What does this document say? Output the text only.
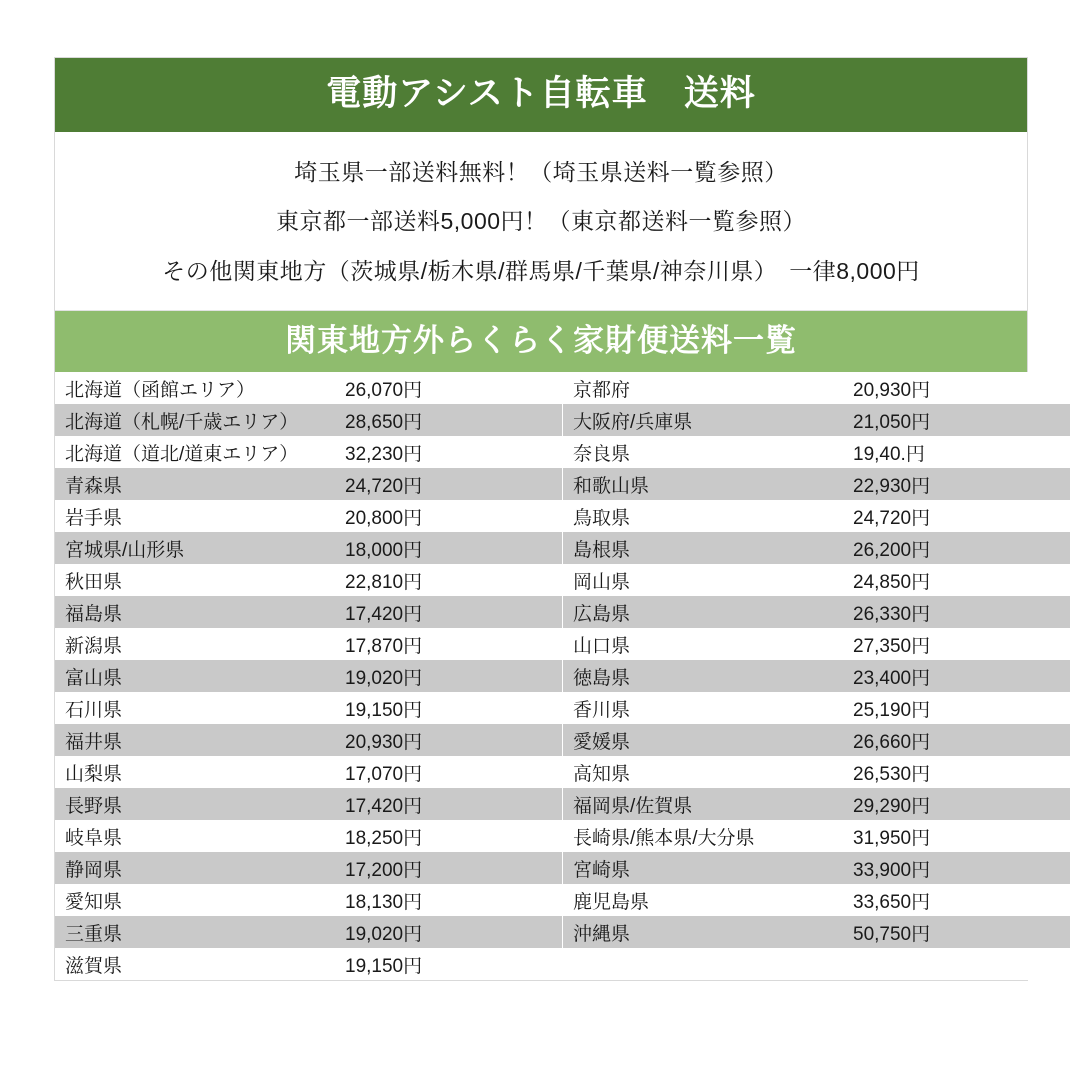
電動アシスト自転車　送料
埼玉県一部送料無料！（埼玉県送料一覧参照）
東京都一部送料5,000円！（東京都送料一覧参照）
その他関東地方（茨城県/栃木県/群馬県/千葉県/神奈川県）　一律8,000円
関東地方外らくらく家財便送料一覧
北海道（函館エリア）	26,070円	京都府	20,930円
北海道（札幌/千歳エリア）	28,650円	大阪府/兵庫県	21,050円
北海道（道北/道東エリア）	32,230円	奈良県	19,40.円
青森県	24,720円	和歌山県	22,930円
岩手県	20,800円	鳥取県	24,720円
宮城県/山形県	18,000円	島根県	26,200円
秋田県	22,810円	岡山県	24,850円
福島県	17,420円	広島県	26,330円
新潟県	17,870円	山口県	27,350円
富山県	19,020円	徳島県	23,400円
石川県	19,150円	香川県	25,190円
福井県	20,930円	愛媛県	26,660円
山梨県	17,070円	高知県	26,530円
長野県	17,420円	福岡県/佐賀県	29,290円
岐阜県	18,250円	長崎県/熊本県/大分県	31,950円
静岡県	17,200円	宮崎県	33,900円
愛知県	18,130円	鹿児島県	33,650円
三重県	19,020円	沖縄県	50,750円
滋賀県	19,150円		
